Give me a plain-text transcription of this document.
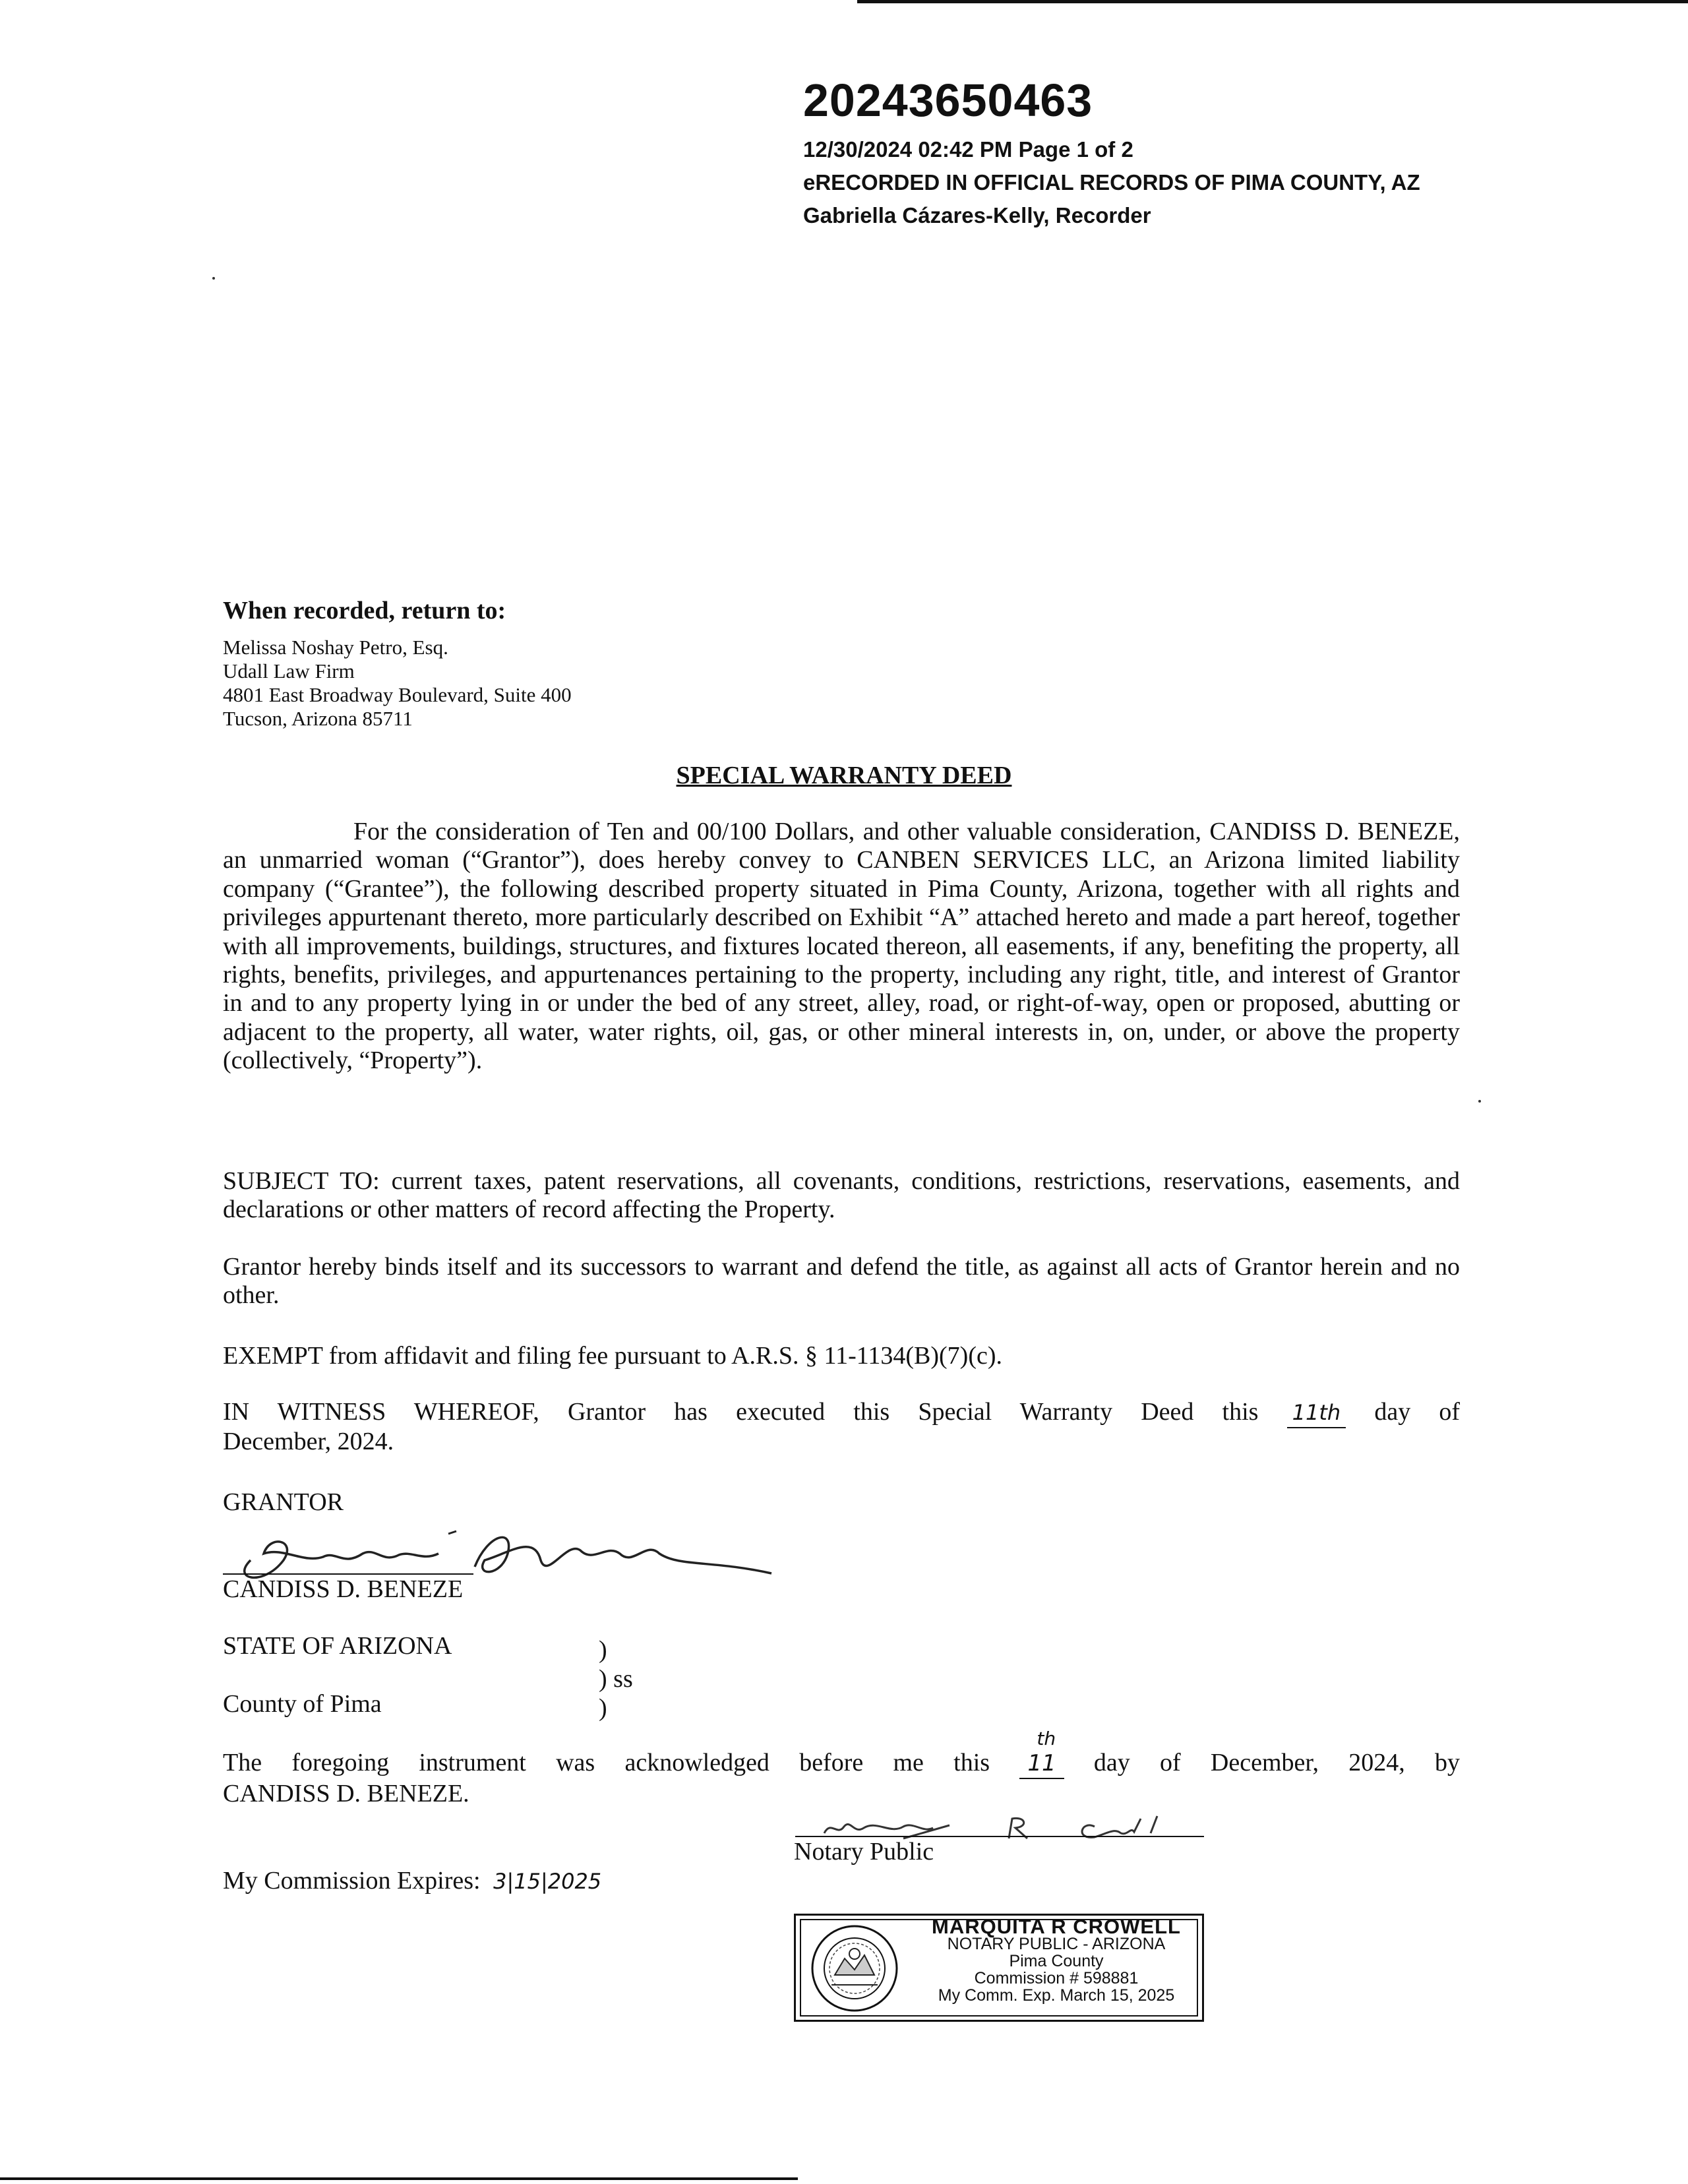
20243650463
12/30/2024 02:42 PM Page 1 of 2
eRECORDED IN OFFICIAL RECORDS OF PIMA COUNTY, AZ
Gabriella Cázares-Kelly, Recorder
When recorded, return to:
Melissa Noshay Petro, Esq.
Udall Law Firm
4801 East Broadway Boulevard, Suite 400
Tucson, Arizona 85711
SPECIAL WARRANTY DEED
For the consideration of Ten and 00/100 Dollars, and other valuable consideration, CANDISS D. BENEZE, an unmarried woman (“Grantor”), does hereby convey to CANBEN SERVICES LLC, an Arizona limited liability company (“Grantee”), the following described property situated in Pima County, Arizona, together with all rights and privileges appurtenant thereto, more particularly described on Exhibit “A” attached hereto and made a part hereof, together with all improvements, buildings, structures, and fixtures located thereon, all easements, if any, benefiting the property, all rights, benefits, privileges, and appurtenances pertaining to the property, including any right, title, and interest of Grantor in and to any property lying in or under the bed of any street, alley, road, or right-of-way, open or proposed, abutting or adjacent to the property, all water, water rights, oil, gas, or other mineral interests in, on, under, or above the property (collectively, “Property”).
SUBJECT TO: current taxes, patent reservations, all covenants, conditions, restrictions, reservations, easements, and declarations or other matters of record affecting the Property.
Grantor hereby binds itself and its successors to warrant and defend the title, as against all acts of Grantor herein and no other.
EXEMPT from affidavit and filing fee pursuant to A.R.S. § 11-1134(B)(7)(c).
IN WITNESS WHEREOF, Grantor has executed this Special Warranty Deed this 11th day of
December, 2024.
GRANTOR
CANDISS D. BENEZE
STATE OF ARIZONA	)
) ss
)
County of Pima
The foregoing instrument was acknowledged before me this 11
th
day of December, 2024, by
CANDISS D. BENEZE.
Notary Public
My Commission Expires: 3|15|2025
MARQUITA R CROWELL
NOTARY PUBLIC - ARIZONA
Pima County
Commission # 598881
My Comm. Exp. March 15, 2025
